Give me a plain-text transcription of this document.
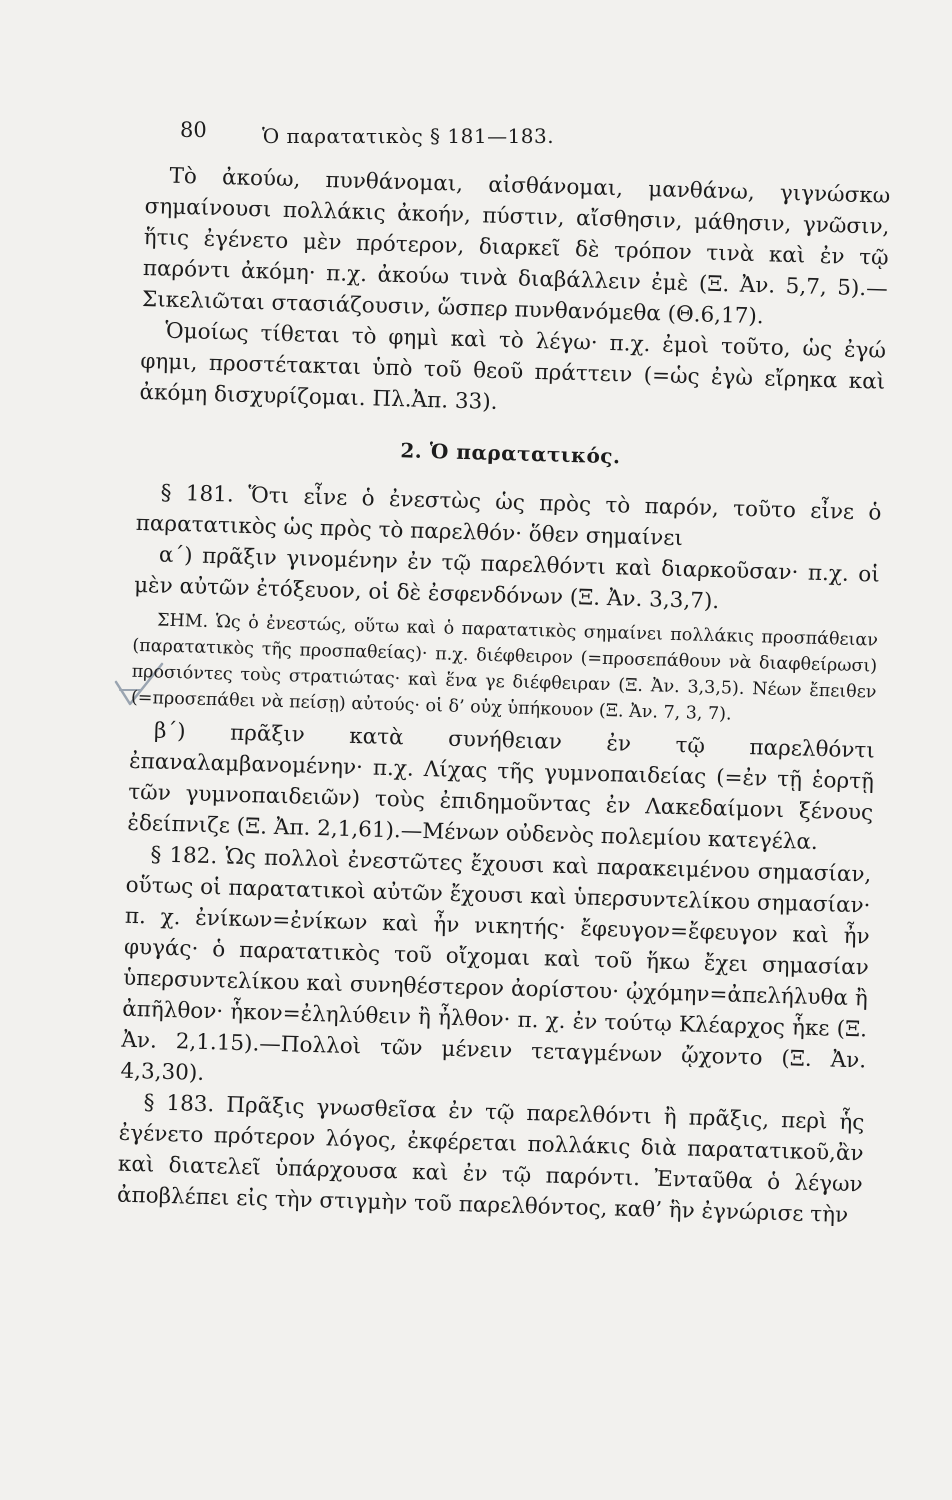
80	Ὁ παρατατικὸς § 181—183.

Τὸ ἀκούω, πυνθάνομαι, αἰσθάνομαι, μανθάνω, γιγνώσκω σημαίνουσι πολλάκις ἀκοήν, πύστιν, αἴσθησιν, μάθησιν, γνῶσιν, ἥτις ἐγένετο μὲν πρότερον, διαρκεῖ δὲ τρόπον τινὰ καὶ ἐν τῷ παρόντι ἀκόμη· π.χ. ἀκούω τινὰ διαβάλλειν ἐμὲ (Ξ. Ἀν. 5,7, 5).—Σικελιῶται στασιάζουσιν, ὥσπερ πυνθανόμεθα (Θ.6,17).

Ὁμοίως τίθεται τὸ φημὶ καὶ τὸ λέγω· π.χ. ἐμοὶ τοῦτο, ὡς ἐγώ φημι, προστέτακται ὑπὸ τοῦ θεοῦ πράττειν (=ὡς ἐγὼ εἴρηκα καὶ ἀκόμη δισχυρίζομαι. Πλ.Ἀπ. 33).

2. Ὁ παρατατικός.

§ 181. Ὅτι εἶνε ὁ ἐνεστὼς ὡς πρὸς τὸ παρόν, τοῦτο εἶνε ὁ παρατατικὸς ὡς πρὸς τὸ παρελθόν· ὅθεν σημαίνει

α΄) πρᾶξιν γινομένην ἐν τῷ παρελθόντι καὶ διαρκοῦσαν· π.χ. οἱ μὲν αὐτῶν ἐτόξευον, οἱ δὲ ἐσφενδόνων (Ξ. Ἀν. 3,3,7).

ΣΗΜ. Ὡς ὁ ἐνεστώς, οὕτω καὶ ὁ παρατατικὸς σημαίνει πολλάκις προσπάθειαν (παρατατικὸς τῆς προσπαθείας)· π.χ. διέφθειρον (=προσεπάθουν νὰ διαφθείρωσι) προσιόντες τοὺς στρατιώτας· καὶ ἕνα γε διέφθειραν (Ξ. Ἀν. 3,3,5). Νέων ἔπειθεν (=προσεπάθει νὰ πείσῃ) αὐτούς· οἱ δ’ οὐχ ὑπήκουον (Ξ. Ἀν. 7, 3, 7).

β΄) πρᾶξιν κατὰ συνήθειαν ἐν τῷ παρελθόντι ἐπαναλαμβανομένην· π.χ. Λίχας τῆς γυμνοπαιδείας (=ἐν τῇ ἑορτῇ τῶν γυμνοπαιδειῶν) τοὺς ἐπιδημοῦντας ἐν Λακεδαίμονι ξένους ἐδείπνιζε (Ξ. Ἀπ. 2,1,61).—Μένων οὐδενὸς πολεμίου κατεγέλα.

§ 182. Ὡς πολλοὶ ἐνεστῶτες ἔχουσι καὶ παρακειμένου σημασίαν, οὕτως οἱ παρατατικοὶ αὐτῶν ἔχουσι καὶ ὑπερσυντελίκου σημασίαν· π. χ. ἐνίκων=ἐνίκων καὶ ἦν νικητής· ἔφευγον=ἔφευγον καὶ ἦν φυγάς· ὁ παρατατικὸς τοῦ οἴχομαι καὶ τοῦ ἥκω ἔχει σημασίαν ὑπερσυντελίκου καὶ συνηθέστερον ἀορίστου· ᾠχόμην=ἀπελήλυθα ἢ ἀπῆλθον· ἧκον=ἐληλύθειν ἢ ἦλθον· π. χ. ἐν τούτῳ Κλέαρχος ἧκε (Ξ. Ἀν. 2,1.15).—Πολλοὶ τῶν μένειν τεταγμένων ᾤχοντο (Ξ. Ἀν. 4,3,30).

§ 183. Πρᾶξις γνωσθεῖσα ἐν τῷ παρελθόντι ἢ πρᾶξις, περὶ ἧς ἐγένετο πρότερον λόγος, ἐκφέρεται πολλάκις διὰ παρατατικοῦ,ἂν καὶ διατελεῖ ὑπάρχουσα καὶ ἐν τῷ παρόντι. Ἐνταῦθα ὁ λέγων ἀποβλέπει εἰς τὴν στιγμὴν τοῦ παρελθόντος, καθ’ ἣν ἐγνώρισε τὴν
